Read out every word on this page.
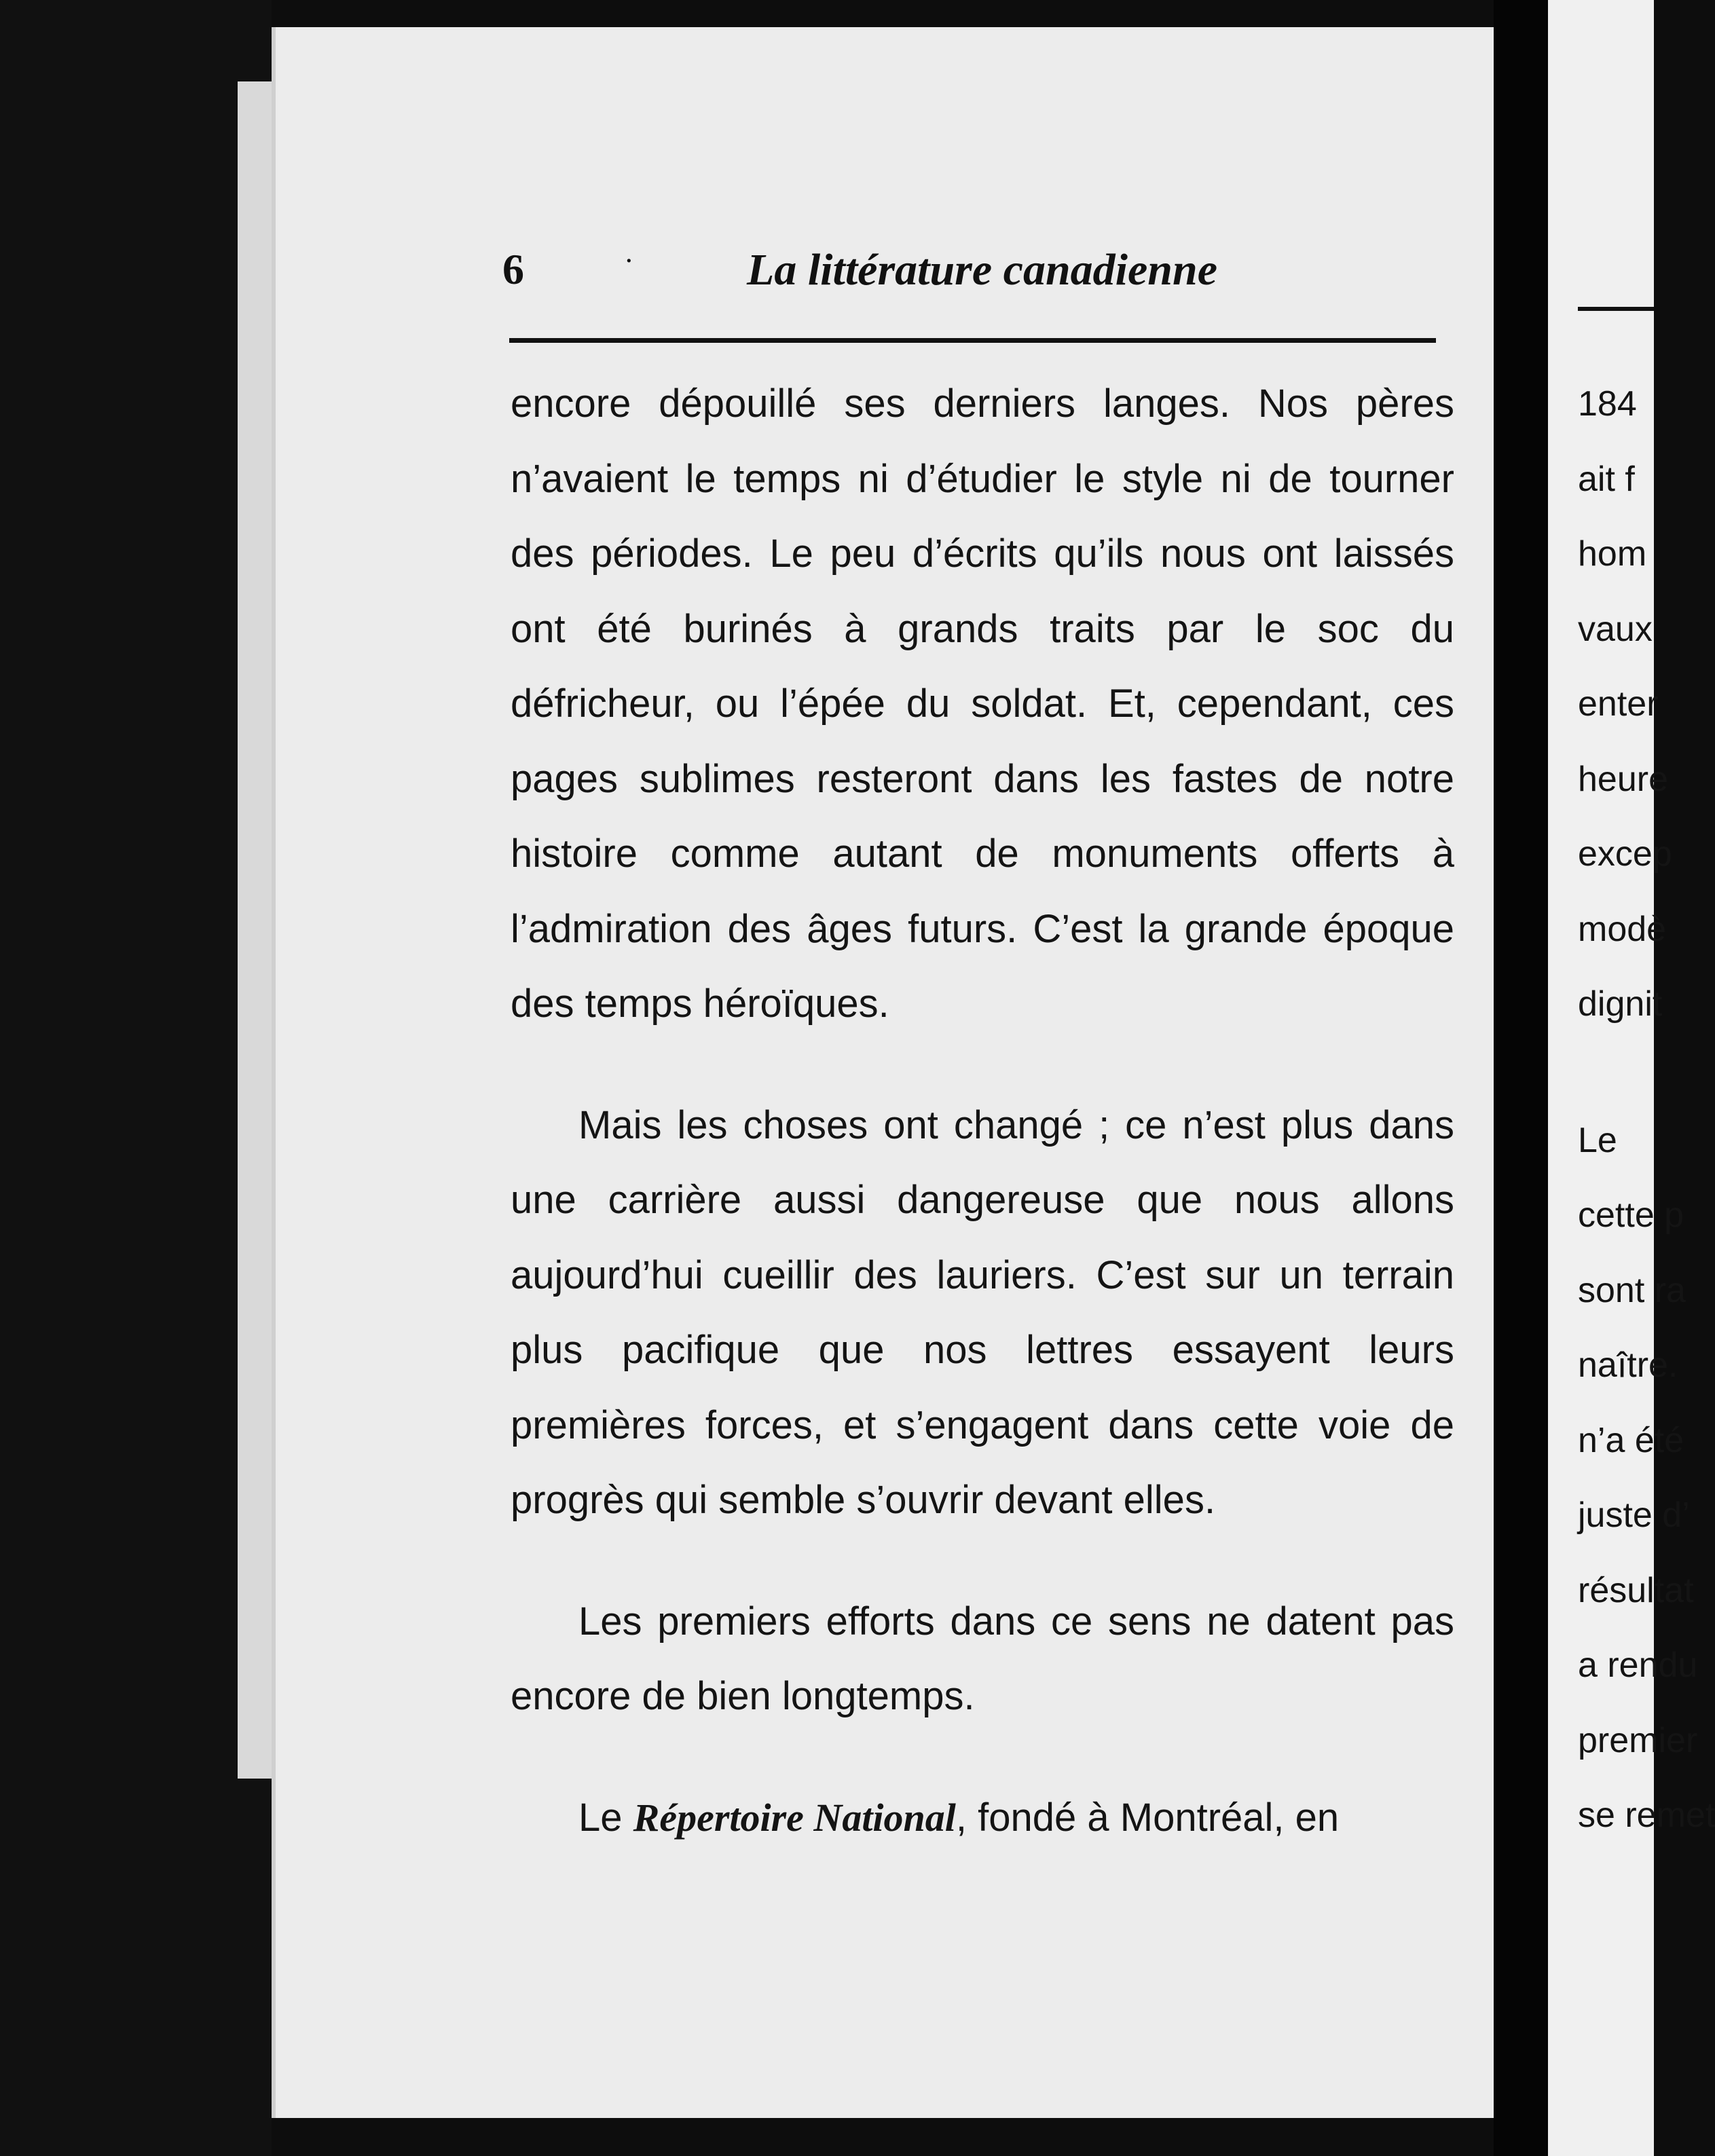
6	·	La littérature canadienne

encore dépouillé ses derniers langes. Nos pères n’avaient le temps ni d’étudier le style ni de tourner des périodes. Le peu d’écrits qu’ils nous ont laissés ont été burinés à grands traits par le soc du défricheur, ou l’épée du soldat. Et, cependant, ces pages sublimes resteront dans les fastes de notre histoire comme autant de monuments offerts à l’admiration des âges futurs. C’est la grande époque des temps héroïques.

Mais les choses ont changé ; ce n’est plus dans une carrière aussi dangereuse que nous allons aujourd’hui cueillir des lauriers. C’est sur un terrain plus pacifique que nos lettres essayent leurs premières forces, et s’engagent dans cette voie de progrès qui semble s’ouvrir devant elles.

Les premiers efforts dans ce sens ne datent pas encore de bien longtemps.

Le Répertoire National, fondé à Montréal, en

184
ait f
hom
vaux
enter
heure
excep
modè
dignit
Le
cette p
sont ra
naître.
n’a été
juste d’
résultat
a rendu
premier
se remet
